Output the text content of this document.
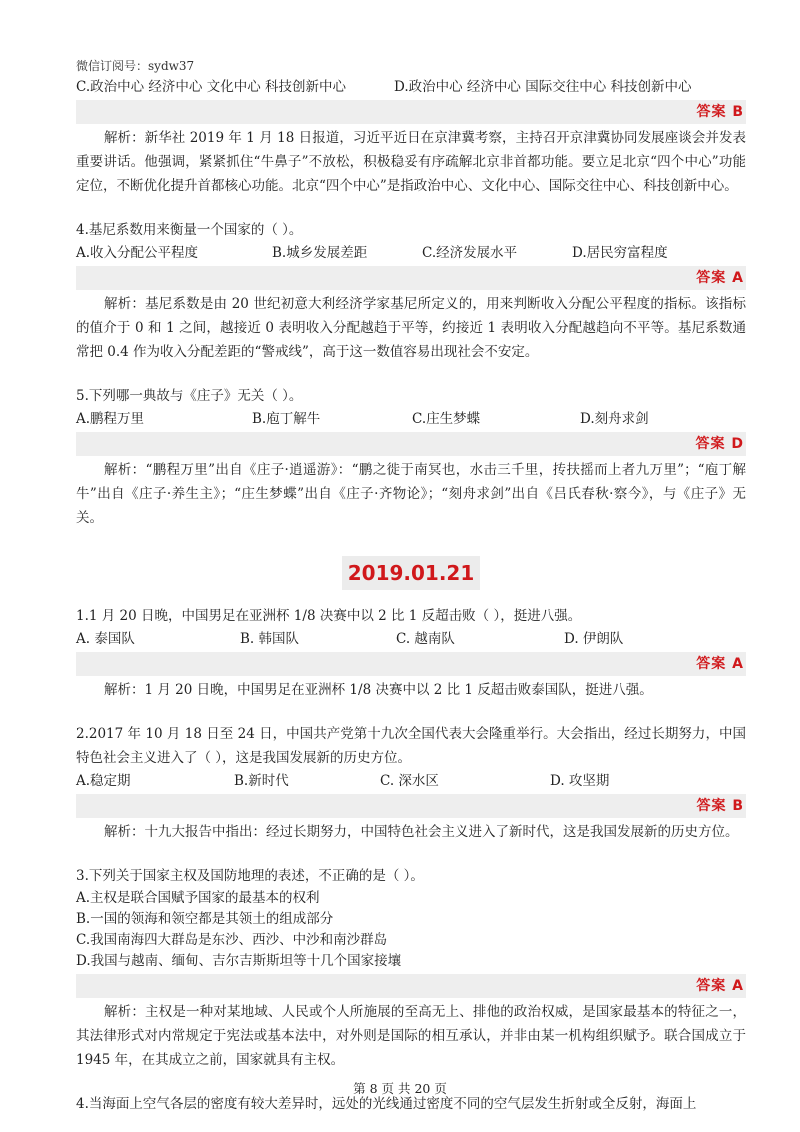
微信订阅号：sydw37
C.政治中心 经济中心 文化中心 科技创新中心	D.政治中心 经济中心 国际交往中心 科技创新中心
答案 B

解析：新华社 2019 年 1 月 18 日报道，习近平近日在京津冀考察，主持召开京津冀协同发展座谈会并发表重要讲话。他强调，紧紧抓住“牛鼻子”不放松，积极稳妥有序疏解北京非首都功能。要立足北京“四个中心”功能定位，不断优化提升首都核心功能。北京“四个中心”是指政治中心、文化中心、国际交往中心、科技创新中心。

4.基尼系数用来衡量一个国家的（ ）。
A.收入分配公平程度	B.城乡发展差距	C.经济发展水平	D.居民穷富程度
答案 A

解析：基尼系数是由 20 世纪初意大利经济学家基尼所定义的，用来判断收入分配公平程度的指标。该指标的值介于 0 和 1 之间，越接近 0 表明收入分配越趋于平等，约接近 1 表明收入分配越趋向不平等。基尼系数通常把 0.4 作为收入分配差距的“警戒线”，高于这一数值容易出现社会不安定。

5.下列哪一典故与《庄子》无关（ ）。
A.鹏程万里	B.庖丁解牛	C.庄生梦蝶	D.刻舟求剑
答案 D

解析：“鹏程万里”出自《庄子·逍遥游》：“鹏之徙于南冥也，水击三千里，抟扶摇而上者九万里”；“庖丁解牛”出自《庄子·养生主》；“庄生梦蝶”出自《庄子·齐物论》；“刻舟求剑”出自《吕氏春秋·察今》，与《庄子》无关。

2019.01.21
1.1 月 20 日晚，中国男足在亚洲杯 1/8 决赛中以 2 比 1 反超击败（ ），挺进八强。
A. 泰国队	B. 韩国队	C. 越南队	D. 伊朗队
答案 A

解析：1 月 20 日晚，中国男足在亚洲杯 1/8 决赛中以 2 比 1 反超击败泰国队，挺进八强。

2.2017 年 10 月 18 日至 24 日，中国共产党第十九次全国代表大会隆重举行。大会指出，经过长期努力，中国特色社会主义进入了（ ），这是我国发展新的历史方位。

A.稳定期	B.新时代	C. 深水区	D. 攻坚期
答案 B

解析：十九大报告中指出：经过长期努力，中国特色社会主义进入了新时代，这是我国发展新的历史方位。

3.下列关于国家主权及国防地理的表述，不正确的是（ ）。
A.主权是联合国赋予国家的最基本的权利
B.一国的领海和领空都是其领土的组成部分
C.我国南海四大群岛是东沙、西沙、中沙和南沙群岛
D.我国与越南、缅甸、吉尔吉斯斯坦等十几个国家接壤
答案 A

解析：主权是一种对某地域、人民或个人所施展的至高无上、排他的政治权威，是国家最基本的特征之一，其法律形式对内常规定于宪法或基本法中，对外则是国际的相互承认，并非由某一机构组织赋予。联合国成立于 1945 年，在其成立之前，国家就具有主权。

4.当海面上空气各层的密度有较大差异时，远处的光线通过密度不同的空气层发生折射或全反射，海面上
第 8 页 共 20 页
